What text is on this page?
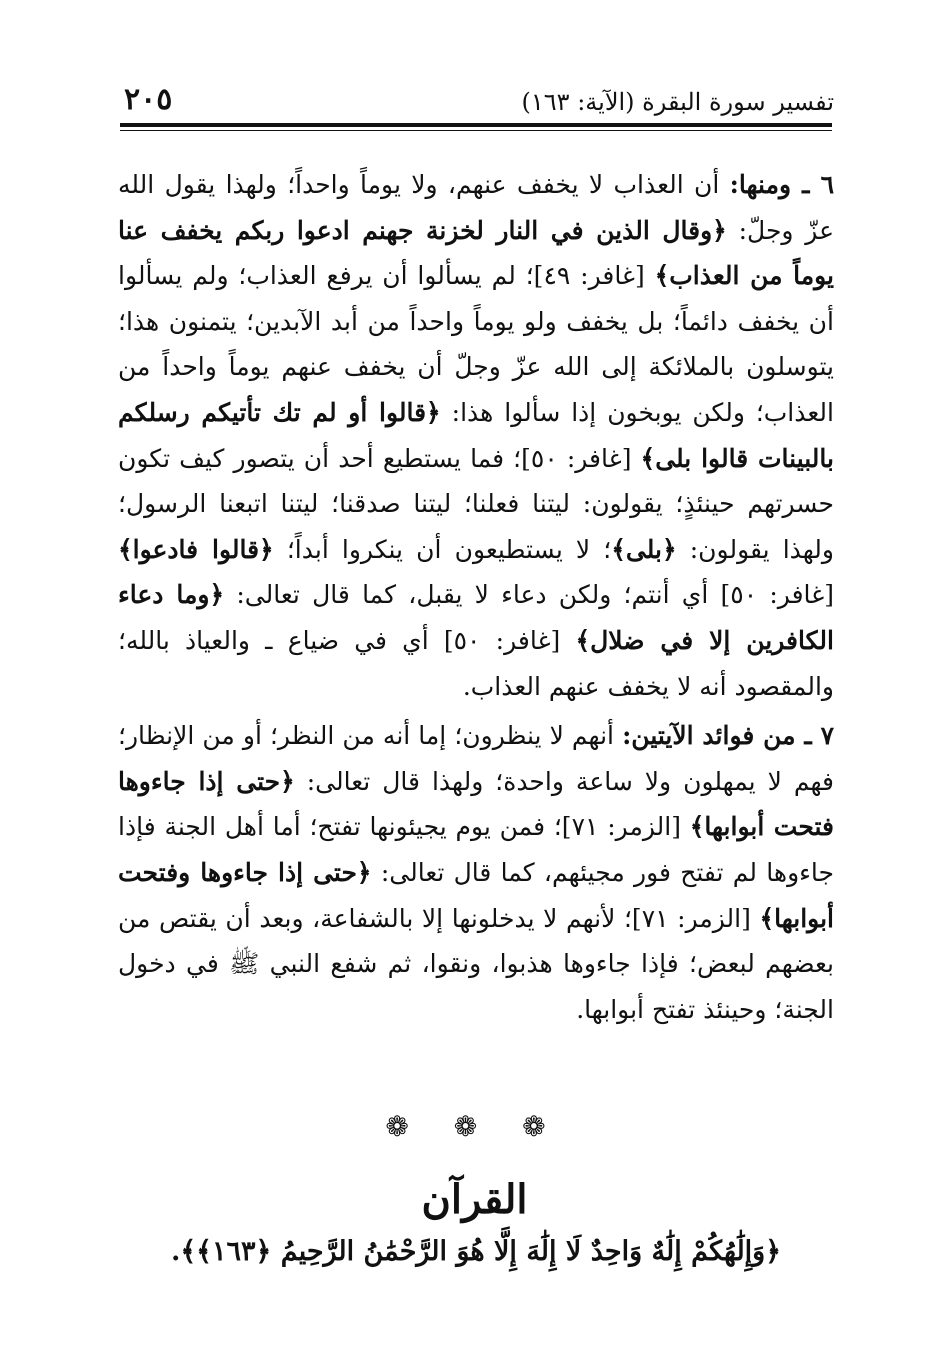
تفسير سورة البقرة (الآية: ١٦٣)
٢٠٥

٦ ـ ومنها: أن العذاب لا يخفف عنهم، ولا يوماً واحداً؛ ولهذا يقول الله عزّ وجلّ: ﴿وقال الذين في النار لخزنة جهنم ادعوا ربكم يخفف عنا يوماً من العذاب﴾ [غافر: ٤٩]؛ لم يسألوا أن يرفع العذاب؛ ولم يسألوا أن يخفف دائماً؛ بل يخفف ولو يوماً واحداً من أبد الآبدين؛ يتمنون هذا؛ يتوسلون بالملائكة إلى الله عزّ وجلّ أن يخفف عنهم يوماً واحداً من العذاب؛ ولكن يوبخون إذا سألوا هذا: ﴿قالوا أو لم تك تأتيكم رسلكم بالبينات قالوا بلى﴾ [غافر: ٥٠]؛ فما يستطيع أحد أن يتصور كيف تكون حسرتهم حينئذٍ؛ يقولون: ليتنا فعلنا؛ ليتنا صدقنا؛ ليتنا اتبعنا الرسول؛ ولهذا يقولون: ﴿بلى﴾؛ لا يستطيعون أن ينكروا أبداً؛ ﴿قالوا فادعوا﴾ [غافر: ٥٠] أي أنتم؛ ولكن دعاء لا يقبل، كما قال تعالى: ﴿وما دعاء الكافرين إلا في ضلال﴾ [غافر: ٥٠] أي في ضياع ـ والعياذ بالله؛ والمقصود أنه لا يخفف عنهم العذاب.

٧ ـ من فوائد الآيتين: أنهم لا ينظرون؛ إما أنه من النظر؛ أو من الإنظار؛ فهم لا يمهلون ولا ساعة واحدة؛ ولهذا قال تعالى: ﴿حتى إذا جاءوها فتحت أبوابها﴾ [الزمر: ٧١]؛ فمن يوم يجيئونها تفتح؛ أما أهل الجنة فإذا جاءوها لم تفتح فور مجيئهم، كما قال تعالى: ﴿حتى إذا جاءوها وفتحت أبوابها﴾ [الزمر: ٧١]؛ لأنهم لا يدخلونها إلا بالشفاعة، وبعد أن يقتص من بعضهم لبعض؛ فإذا جاءوها هذبوا، ونقوا، ثم شفع النبي ﷺ في دخول الجنة؛ وحينئذ تفتح أبوابها.

❁ ❁ ❁
القرآن
﴿وَإِلَٰهُكُمْ إِلَٰهٌ وَاحِدٌ لَا إِلَٰهَ إِلَّا هُوَ الرَّحْمَٰنُ الرَّحِيمُ ﴿١٦٣﴾﴾.
